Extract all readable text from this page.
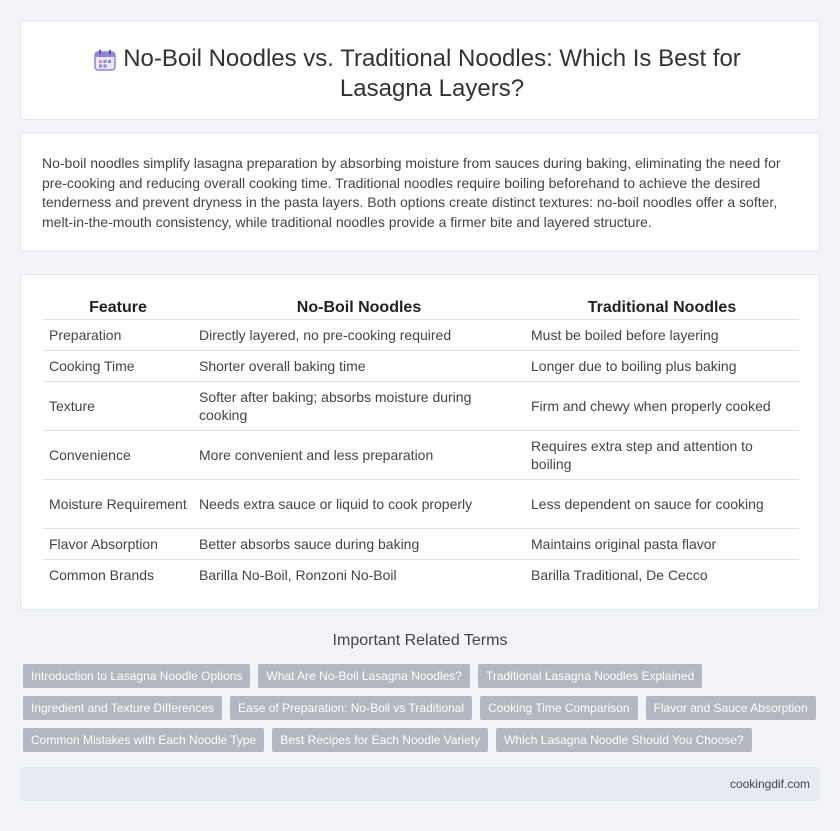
No-Boil Noodles vs. Traditional Noodles: Which Is Best for Lasagna Layers?

No-boil noodles simplify lasagna preparation by absorbing moisture from sauces during baking, eliminating the need for pre-cooking and reducing overall cooking time. Traditional noodles require boiling beforehand to achieve the desired tenderness and prevent dryness in the pasta layers. Both options create distinct textures: no-boil noodles offer a softer, melt-in-the-mouth consistency, while traditional noodles provide a firmer bite and layered structure.

Feature	No-Boil Noodles	Traditional Noodles
Preparation	Directly layered, no pre-cooking required	Must be boiled before layering
Cooking Time	Shorter overall baking time	Longer due to boiling plus baking
Texture	Softer after baking; absorbs moisture during cooking	Firm and chewy when properly cooked
Convenience	More convenient and less preparation	Requires extra step and attention to boiling
Moisture Requirement	Needs extra sauce or liquid to cook properly	Less dependent on sauce for cooking
Flavor Absorption	Better absorbs sauce during baking	Maintains original pasta flavor
Common Brands	Barilla No-Boil, Ronzoni No-Boil	Barilla Traditional, De Cecco
Important Related Terms
Introduction to Lasagna Noodle Options	What Are No-Boil Lasagna Noodles?	Traditional Lasagna Noodles Explained
Ingredient and Texture Differences	Ease of Preparation: No-Boil vs Traditional	Cooking Time Comparison	Flavor and Sauce Absorption
Common Mistakes with Each Noodle Type	Best Recipes for Each Noodle Variety	Which Lasagna Noodle Should You Choose?
cookingdif.com
